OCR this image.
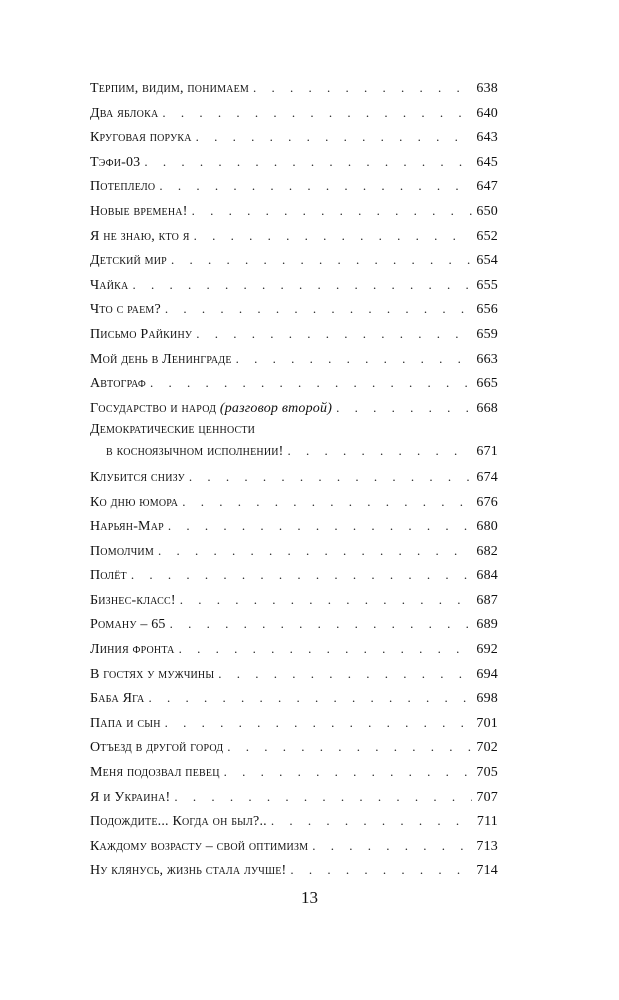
Терпим, видим, понимаем . . .	638
Два яблока . . .	640
Круговая порука . . .	643
Тэфи-03 . . .	645
Потеплело . . .	647
Новые времена! . . .	650
Я не знаю, кто я . . .	652
Детский мир . . .	654
Чайка . . .	655
Что с раем? . . .	656
Письмо Райкину . . .	659
Мой день в Ленинграде . . .	663
Автограф . . .	665
Государство и народ (разговор второй) . . .	668
Демократические ценности
в косноязычном исполнении! . . .	671
Клубится снизу . . .	674
Ко дню юмора . . .	676
Нарьян-Мар . . .	680
Помолчим . . .	682
Полёт . . .	684
Бизнес-класс! . . .	687
Роману – 65 . . .	689
Линия фронта . . .	692
В гостях у мужчины . . .	694
Баба Яга . . .	698
Папа и сын . . .	701
Отъезд в другой город . . .	702
Меня подозвал певец . . .	705
Я и Украина! . . .	707
Подождите... Когда он был?.. . . .	711
Каждому возрасту – свой оптимизм . . .	713
Ну клянусь, жизнь стала лучше! . . .	714
13
